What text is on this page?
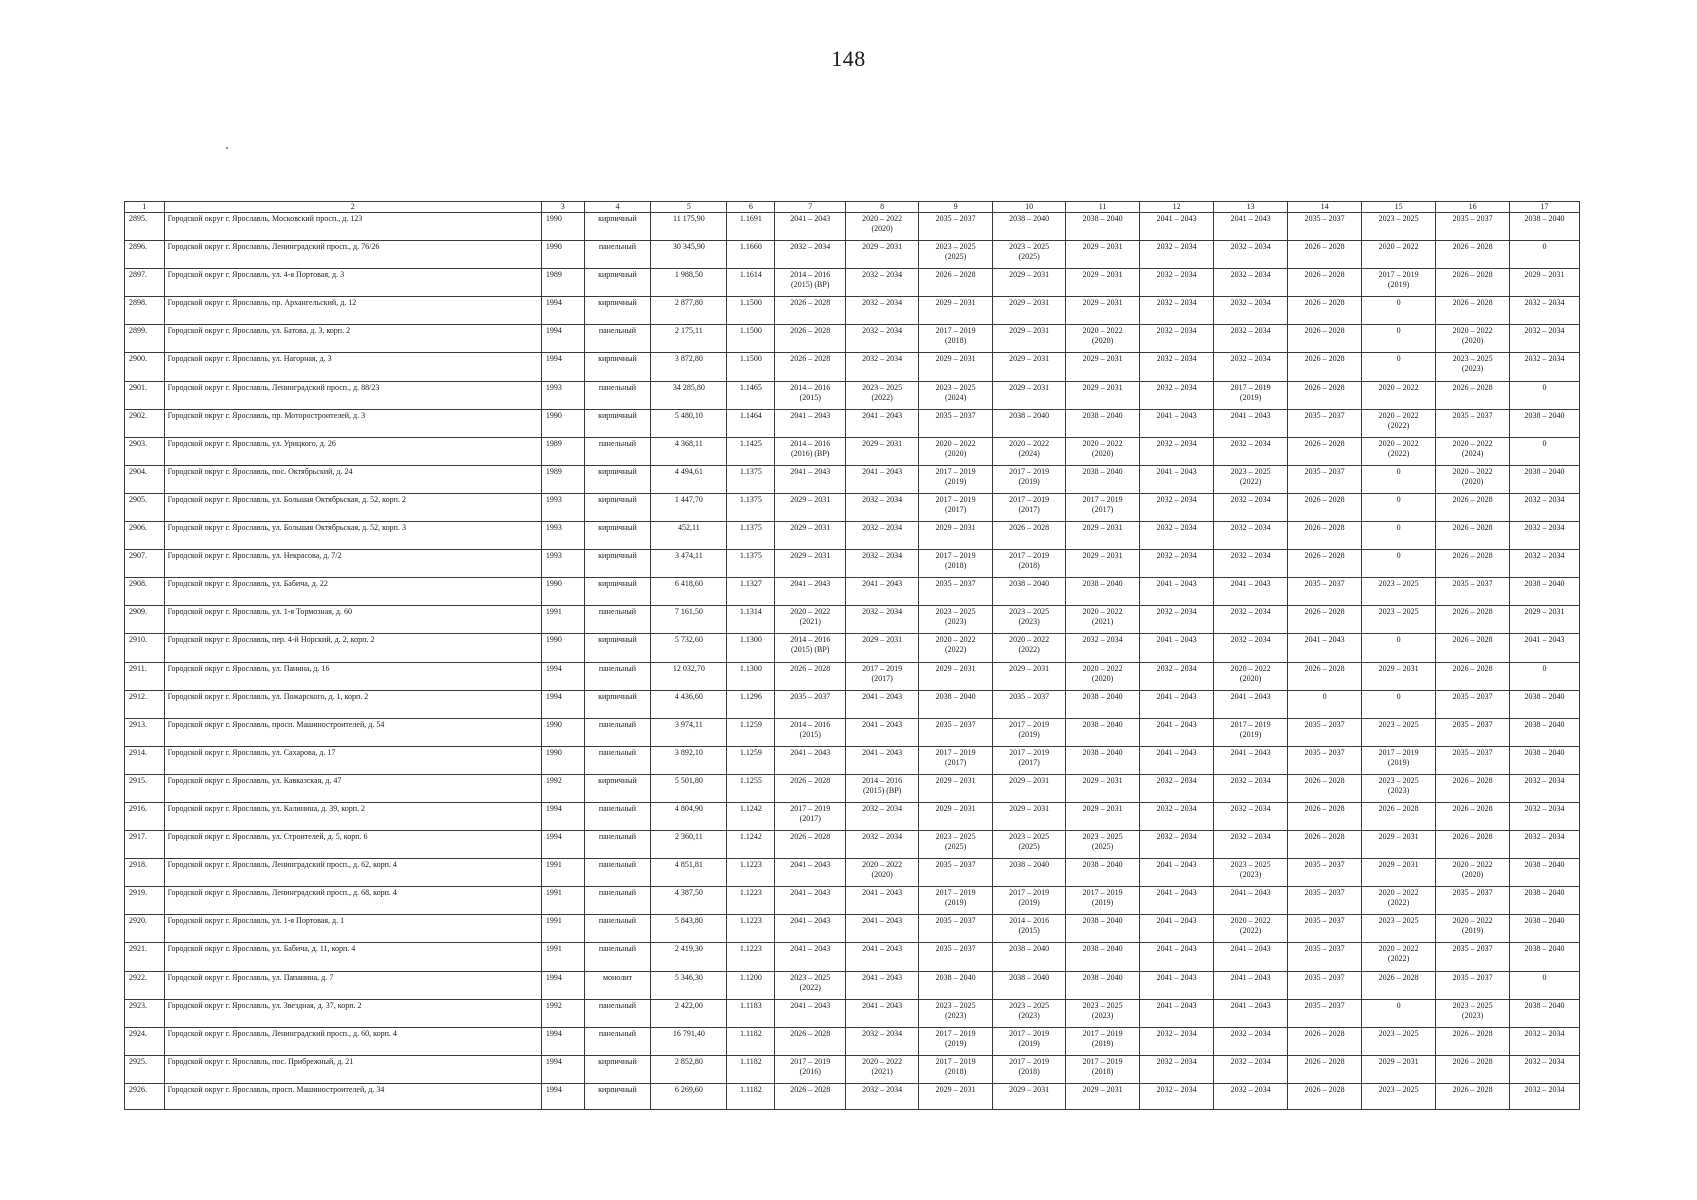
148
1	2	3	4	5	6	7	8	9	10	11	12	13	14	15	16	17
2895.	Городской округ г. Ярославль, Московский просп., д. 123	1990	кирпичный	11 175,90	1.1691	2041 – 2043	2020 – 2022
(2020)	2035 – 2037	2038 – 2040	2038 – 2040	2041 – 2043	2041 – 2043	2035 – 2037	2023 – 2025	2035 – 2037	2038 – 2040
2896.	Городской округ г. Ярославль, Ленинградский просп., д. 76/26	1990	панельный	30 345,90	1.1660	2032 – 2034	2029 – 2031	2023 – 2025
(2025)	2023 – 2025
(2025)	2029 – 2031	2032 – 2034	2032 – 2034	2026 – 2028	2020 – 2022	2026 – 2028	0
2897.	Городской округ г. Ярославль, ул. 4-я Портовая, д. 3	1989	кирпичный	1 988,50	1.1614	2014 – 2016
(2015) (ВР)	2032 – 2034	2026 – 2028	2029 – 2031	2029 – 2031	2032 – 2034	2032 – 2034	2026 – 2028	2017 – 2019
(2019)	2026 – 2028	2029 – 2031
2898.	Городской округ г. Ярославль, пр. Архангельский, д. 12	1994	кирпичный	2 877,80	1.1500	2026 – 2028	2032 – 2034	2029 – 2031	2029 – 2031	2029 – 2031	2032 – 2034	2032 – 2034	2026 – 2028	0	2026 – 2028	2032 – 2034
2899.	Городской округ г. Ярославль, ул. Батова, д. 3, корп. 2	1994	панельный	2 175,11	1.1500	2026 – 2028	2032 – 2034	2017 – 2019
(2018)	2029 – 2031	2020 – 2022
(2020)	2032 – 2034	2032 – 2034	2026 – 2028	0	2020 – 2022
(2020)	2032 – 2034
2900.	Городской округ г. Ярославль, ул. Нагорная, д. 3	1994	кирпичный	3 872,80	1.1500	2026 – 2028	2032 – 2034	2029 – 2031	2029 – 2031	2029 – 2031	2032 – 2034	2032 – 2034	2026 – 2028	0	2023 – 2025
(2023)	2032 – 2034
2901.	Городской округ г. Ярославль, Ленинградский просп., д. 88/23	1993	панельный	34 285,80	1.1465	2014 – 2016
(2015)	2023 – 2025
(2022)	2023 – 2025
(2024)	2029 – 2031	2029 – 2031	2032 – 2034	2017 – 2019
(2019)	2026 – 2028	2020 – 2022	2026 – 2028	0
2902.	Городской округ г. Ярославль, пр. Моторостроителей, д. 3	1990	кирпичный	5 480,10	1.1464	2041 – 2043	2041 – 2043	2035 – 2037	2038 – 2040	2038 – 2040	2041 – 2043	2041 – 2043	2035 – 2037	2020 – 2022
(2022)	2035 – 2037	2038 – 2040
2903.	Городской округ г. Ярославль, ул. Урицкого, д. 26	1989	панельный	4 368,11	1.1425	2014 – 2016
(2016) (ВР)	2029 – 2031	2020 – 2022
(2020)	2020 – 2022
(2024)	2020 – 2022
(2020)	2032 – 2034	2032 – 2034	2026 – 2028	2020 – 2022
(2022)	2020 – 2022
(2024)	0
2904.	Городской округ г. Ярославль, пос. Октябрьский, д. 24	1989	кирпичный	4 494,61	1.1375	2041 – 2043	2041 – 2043	2017 – 2019
(2019)	2017 – 2019
(2019)	2038 – 2040	2041 – 2043	2023 – 2025
(2022)	2035 – 2037	0	2020 – 2022
(2020)	2038 – 2040
2905.	Городской округ г. Ярославль, ул. Большая Октябрьская, д. 52, корп. 2	1993	кирпичный	1 447,70	1.1375	2029 – 2031	2032 – 2034	2017 – 2019
(2017)	2017 – 2019
(2017)	2017 – 2019
(2017)	2032 – 2034	2032 – 2034	2026 – 2028	0	2026 – 2028	2032 – 2034
2906.	Городской округ г. Ярославль, ул. Большая Октябрьская, д. 52, корп. 3	1993	кирпичный	452,11	1.1375	2029 – 2031	2032 – 2034	2029 – 2031	2026 – 2028	2029 – 2031	2032 – 2034	2032 – 2034	2026 – 2028	0	2026 – 2028	2032 – 2034
2907.	Городской округ г. Ярославль, ул. Некрасова, д. 7/2	1993	кирпичный	3 474,11	1.1375	2029 – 2031	2032 – 2034	2017 – 2019
(2018)	2017 – 2019
(2018)	2029 – 2031	2032 – 2034	2032 – 2034	2026 – 2028	0	2026 – 2028	2032 – 2034
2908.	Городской округ г. Ярославль, ул. Бабича, д. 22	1990	кирпичный	6 418,60	1.1327	2041 – 2043	2041 – 2043	2035 – 2037	2038 – 2040	2038 – 2040	2041 – 2043	2041 – 2043	2035 – 2037	2023 – 2025	2035 – 2037	2038 – 2040
2909.	Городской округ г. Ярославль, ул. 1-я Тормозная, д. 60	1991	панельный	7 161,50	1.1314	2020 – 2022
(2021)	2032 – 2034	2023 – 2025
(2023)	2023 – 2025
(2023)	2020 – 2022
(2021)	2032 – 2034	2032 – 2034	2026 – 2028	2023 – 2025	2026 – 2028	2029 – 2031
2910.	Городской округ г. Ярославль, пер. 4-й Норский, д. 2, корп. 2	1990	кирпичный	5 732,60	1.1300	2014 – 2016
(2015) (ВР)	2029 – 2031	2020 – 2022
(2022)	2020 – 2022
(2022)	2032 – 2034	2041 – 2043	2032 – 2034	2041 – 2043	0	2026 – 2028	2041 – 2043
2911.	Городской округ г. Ярославль, ул. Панина, д. 16	1994	панельный	12 032,70	1.1300	2026 – 2028	2017 – 2019
(2017)	2029 – 2031	2029 – 2031	2020 – 2022
(2020)	2032 – 2034	2020 – 2022
(2020)	2026 – 2028	2029 – 2031	2026 – 2028	0
2912.	Городской округ г. Ярославль, ул. Пожарского, д. 1, корп. 2	1994	кирпичный	4 436,60	1.1296	2035 – 2037	2041 – 2043	2038 – 2040	2035 – 2037	2038 – 2040	2041 – 2043	2041 – 2043	0	0	2035 – 2037	2038 – 2040
2913.	Городской округ г. Ярославль, просп. Машиностроителей, д. 54	1990	панельный	3 974,11	1.1259	2014 – 2016
(2015)	2041 – 2043	2035 – 2037	2017 – 2019
(2019)	2038 – 2040	2041 – 2043	2017 – 2019
(2019)	2035 – 2037	2023 – 2025	2035 – 2037	2038 – 2040
2914.	Городской округ г. Ярославль, ул. Сахарова, д. 17	1990	панельный	3 892,10	1.1259	2041 – 2043	2041 – 2043	2017 – 2019
(2017)	2017 – 2019
(2017)	2038 – 2040	2041 – 2043	2041 – 2043	2035 – 2037	2017 – 2019
(2019)	2035 – 2037	2038 – 2040
2915.	Городской округ г. Ярославль, ул. Кавказская, д. 47	1992	кирпичный	5 501,80	1.1255	2026 – 2028	2014 – 2016
(2015) (ВР)	2029 – 2031	2029 – 2031	2029 – 2031	2032 – 2034	2032 – 2034	2026 – 2028	2023 – 2025
(2023)	2026 – 2028	2032 – 2034
2916.	Городской округ г. Ярославль, ул. Калинина, д. 39, корп. 2	1994	панельный	4 804,90	1.1242	2017 – 2019
(2017)	2032 – 2034	2029 – 2031	2029 – 2031	2029 – 2031	2032 – 2034	2032 – 2034	2026 – 2028	2026 – 2028	2026 – 2028	2032 – 2034
2917.	Городской округ г. Ярославль, ул. Строителей, д. 5, корп. 6	1994	панельный	2 360,11	1.1242	2026 – 2028	2032 – 2034	2023 – 2025
(2025)	2023 – 2025
(2025)	2023 – 2025
(2025)	2032 – 2034	2032 – 2034	2026 – 2028	2029 – 2031	2026 – 2028	2032 – 2034
2918.	Городской округ г. Ярославль, Ленинградский просп., д. 62, корп. 4	1991	панельный	4 851,81	1.1223	2041 – 2043	2020 – 2022
(2020)	2035 – 2037	2038 – 2040	2038 – 2040	2041 – 2043	2023 – 2025
(2023)	2035 – 2037	2029 – 2031	2020 – 2022
(2020)	2038 – 2040
2919.	Городской округ г. Ярославль, Ленинградский просп., д. 68, корп. 4	1991	панельный	4 387,50	1.1223	2041 – 2043	2041 – 2043	2017 – 2019
(2019)	2017 – 2019
(2019)	2017 – 2019
(2019)	2041 – 2043	2041 – 2043	2035 – 2037	2020 – 2022
(2022)	2035 – 2037	2038 – 2040
2920.	Городской округ г. Ярославль, ул. 1-я Портовая, д. 1	1991	панельный	5 843,80	1.1223	2041 – 2043	2041 – 2043	2035 – 2037	2014 – 2016
(2015)	2038 – 2040	2041 – 2043	2020 – 2022
(2022)	2035 – 2037	2023 – 2025	2020 – 2022
(2019)	2038 – 2040
2921.	Городской округ г. Ярославль, ул. Бабича, д. 11, корп. 4	1991	панельный	2 419,30	1.1223	2041 – 2043	2041 – 2043	2035 – 2037	2038 – 2040	2038 – 2040	2041 – 2043	2041 – 2043	2035 – 2037	2020 – 2022
(2022)	2035 – 2037	2038 – 2040
2922.	Городской округ г. Ярославль, ул. Папанина, д. 7	1994	монолит	5 346,30	1.1200	2023 – 2025
(2022)	2041 – 2043	2038 – 2040	2038 – 2040	2038 – 2040	2041 – 2043	2041 – 2043	2035 – 2037	2026 – 2028	2035 – 2037	0
2923.	Городской округ г. Ярославль, ул. Звездная, д. 37, корп. 2	1992	панельный	2 422,00	1.1183	2041 – 2043	2041 – 2043	2023 – 2025
(2023)	2023 – 2025
(2023)	2023 – 2025
(2023)	2041 – 2043	2041 – 2043	2035 – 2037	0	2023 – 2025
(2023)	2038 – 2040
2924.	Городской округ г. Ярославль, Ленинградский просп., д. 60, корп. 4	1994	панельный	16 791,40	1.1182	2026 – 2028	2032 – 2034	2017 – 2019
(2019)	2017 – 2019
(2019)	2017 – 2019
(2019)	2032 – 2034	2032 – 2034	2026 – 2028	2023 – 2025	2026 – 2028	2032 – 2034
2925.	Городской округ г. Ярославль, пос. Прибрежный, д. 21	1994	кирпичный	2 852,80	1.1182	2017 – 2019
(2016)	2020 – 2022
(2021)	2017 – 2019
(2018)	2017 – 2019
(2018)	2017 – 2019
(2018)	2032 – 2034	2032 – 2034	2026 – 2028	2029 – 2031	2026 – 2028	2032 – 2034
2926.	Городской округ г. Ярославль, просп. Машиностроителей, д. 34	1994	кирпичный	6 269,60	1.1182	2026 – 2028	2032 – 2034	2029 – 2031	2029 – 2031	2029 – 2031	2032 – 2034	2032 – 2034	2026 – 2028	2023 – 2025	2026 – 2028	2032 – 2034
